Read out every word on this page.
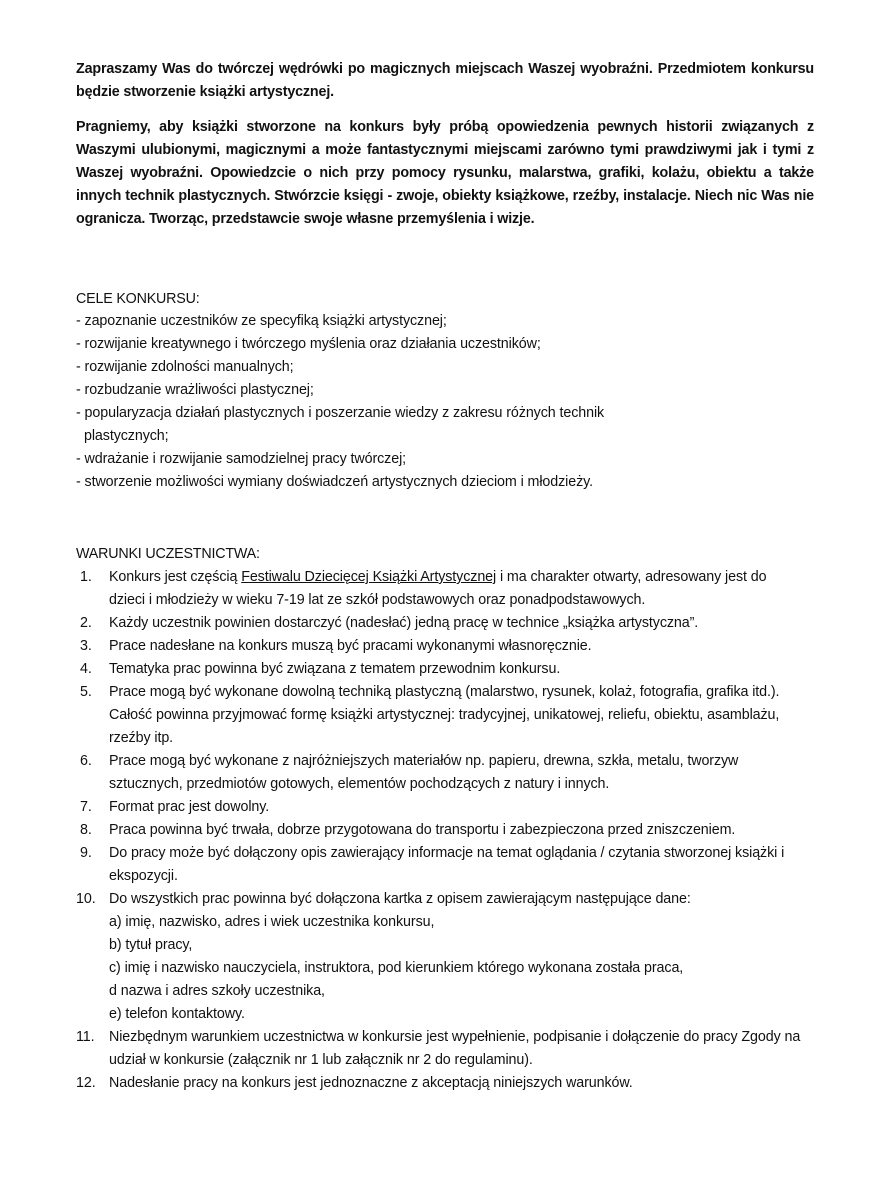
Zapraszamy Was do twórczej wędrówki po magicznych miejscach Waszej wyobraźni. Przedmiotem konkursu będzie stworzenie książki artystycznej.

Pragniemy, aby książki stworzone na konkurs były próbą opowiedzenia pewnych historii związanych z Waszymi ulubionymi, magicznymi a może fantastycznymi miejscami zarówno tymi prawdziwymi jak i tymi z Waszej wyobraźni. Opowiedzcie o nich przy pomocy rysunku, malarstwa, grafiki, kolażu, obiektu a także innych technik plastycznych. Stwórzcie księgi - zwoje, obiekty książkowe, rzeźby, instalacje. Niech nic Was nie ogranicza. Tworząc, przedstawcie swoje własne przemyślenia i wizje.

CELE KONKURSU:
- zapoznanie uczestników ze specyfiką książki artystycznej;
- rozwijanie kreatywnego i twórczego myślenia oraz działania uczestników;
- rozwijanie zdolności manualnych;
- rozbudzanie wrażliwości plastycznej;
- popularyzacja działań plastycznych i poszerzanie wiedzy z zakresu różnych technik
plastycznych;
- wdrażanie i rozwijanie samodzielnej pracy twórczej;
- stworzenie możliwości wymiany doświadczeń artystycznych dzieciom i młodzieży.
WARUNKI UCZESTNICTWA:
1.	Konkurs jest częścią Festiwalu Dziecięcej Książki Artystycznej i ma charakter otwarty, adresowany jest do dzieci i młodzieży w wieku 7-19 lat ze szkół podstawowych oraz ponadpodstawowych.
2.	Każdy uczestnik powinien dostarczyć (nadesłać) jedną pracę w technice „książka artystyczna”.
3.	Prace nadesłane na konkurs muszą być pracami wykonanymi własnoręcznie.
4.	Tematyka prac powinna być związana z tematem przewodnim konkursu.
5.	Prace mogą być wykonane dowolną techniką plastyczną (malarstwo, rysunek, kolaż, fotografia, grafika itd.). Całość powinna przyjmować formę książki artystycznej: tradycyjnej, unikatowej, reliefu, obiektu, asamblażu, rzeźby itp.
6.	Prace mogą być wykonane z najróżniejszych materiałów np. papieru, drewna, szkła, metalu, tworzyw sztucznych, przedmiotów gotowych, elementów pochodzących z natury i innych.
7.	Format prac jest dowolny.
8.	Praca powinna być trwała, dobrze przygotowana do transportu i zabezpieczona przed zniszczeniem.
9.	Do pracy może być dołączony opis zawierający informacje na temat oglądania / czytania stworzonej książki i ekspozycji.
10. Do wszystkich prac powinna być dołączona kartka z opisem zawierającym następujące dane:
a) imię, nazwisko, adres i wiek uczestnika konkursu,
b) tytuł pracy,
c) imię i nazwisko nauczyciela, instruktora, pod kierunkiem którego wykonana została praca,
d nazwa i adres szkoły uczestnika,
e) telefon kontaktowy.
11.	Niezbędnym warunkiem uczestnictwa w konkursie jest wypełnienie, podpisanie i dołączenie do pracy Zgody na udział w konkursie (załącznik nr 1 lub załącznik nr 2 do regulaminu).
12. Nadesłanie pracy na konkurs jest jednoznaczne z akceptacją niniejszych warunków.
